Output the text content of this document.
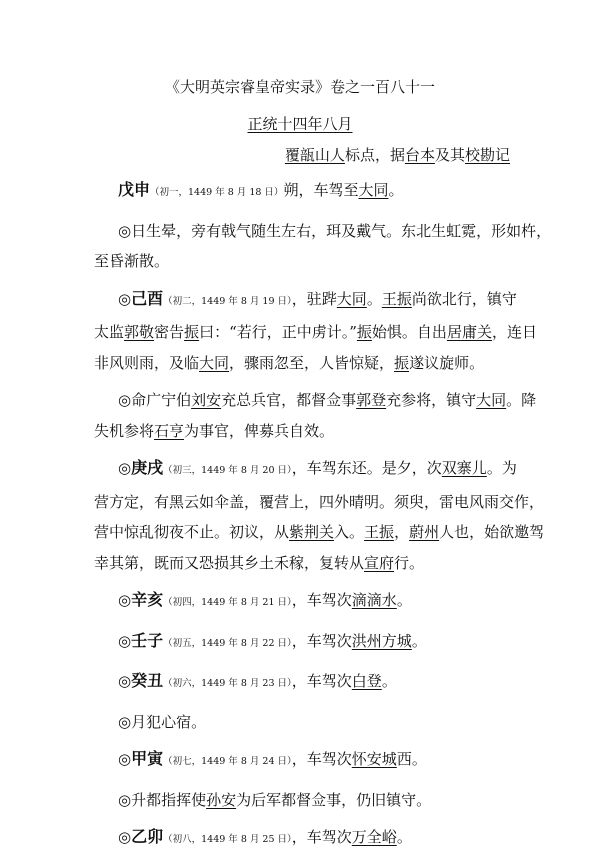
《大明英宗睿皇帝实录》卷之一百八十一
正统十四年八月
覆瓿山人标点，据台本及其校勘记
戊申（初一，1449 年 8 月 18 日）朔，车驾至大同。
◎日生晕，旁有戟气随生左右，珥及戴气。东北生虹霓，形如杵，
至昏渐散。
◎己酉（初二，1449 年 8 月 19 日），驻跸大同。王振尚欲北行，镇守
太监郭敬密告振曰：“若行，正中虏计。”振始惧。自出居庸关，连日
非风则雨，及临大同，骤雨忽至，人皆惊疑，振遂议旋师。
◎命广宁伯刘安充总兵官，都督佥事郭登充参将，镇守大同。降
失机参将石亨为事官，俾募兵自效。
◎庚戌（初三，1449 年 8 月 20 日），车驾东还。是夕，次双寨儿。为
营方定，有黑云如伞盖，覆营上，四外晴明。须臾，雷电风雨交作，
营中惊乱彻夜不止。初议，从紫荆关入。王振，蔚州人也，始欲邀驾
幸其第，既而又恐损其乡土禾稼，复转从宣府行。
◎辛亥（初四，1449 年 8 月 21 日），车驾次滴滴水。
◎壬子（初五，1449 年 8 月 22 日），车驾次洪州方城。
◎癸丑（初六，1449 年 8 月 23 日），车驾次白登。
◎月犯心宿。
◎甲寅（初七，1449 年 8 月 24 日），车驾次怀安城西。
◎升都指挥使孙安为后军都督佥事，仍旧镇守。
◎乙卯（初八，1449 年 8 月 25 日），车驾次万全峪。
